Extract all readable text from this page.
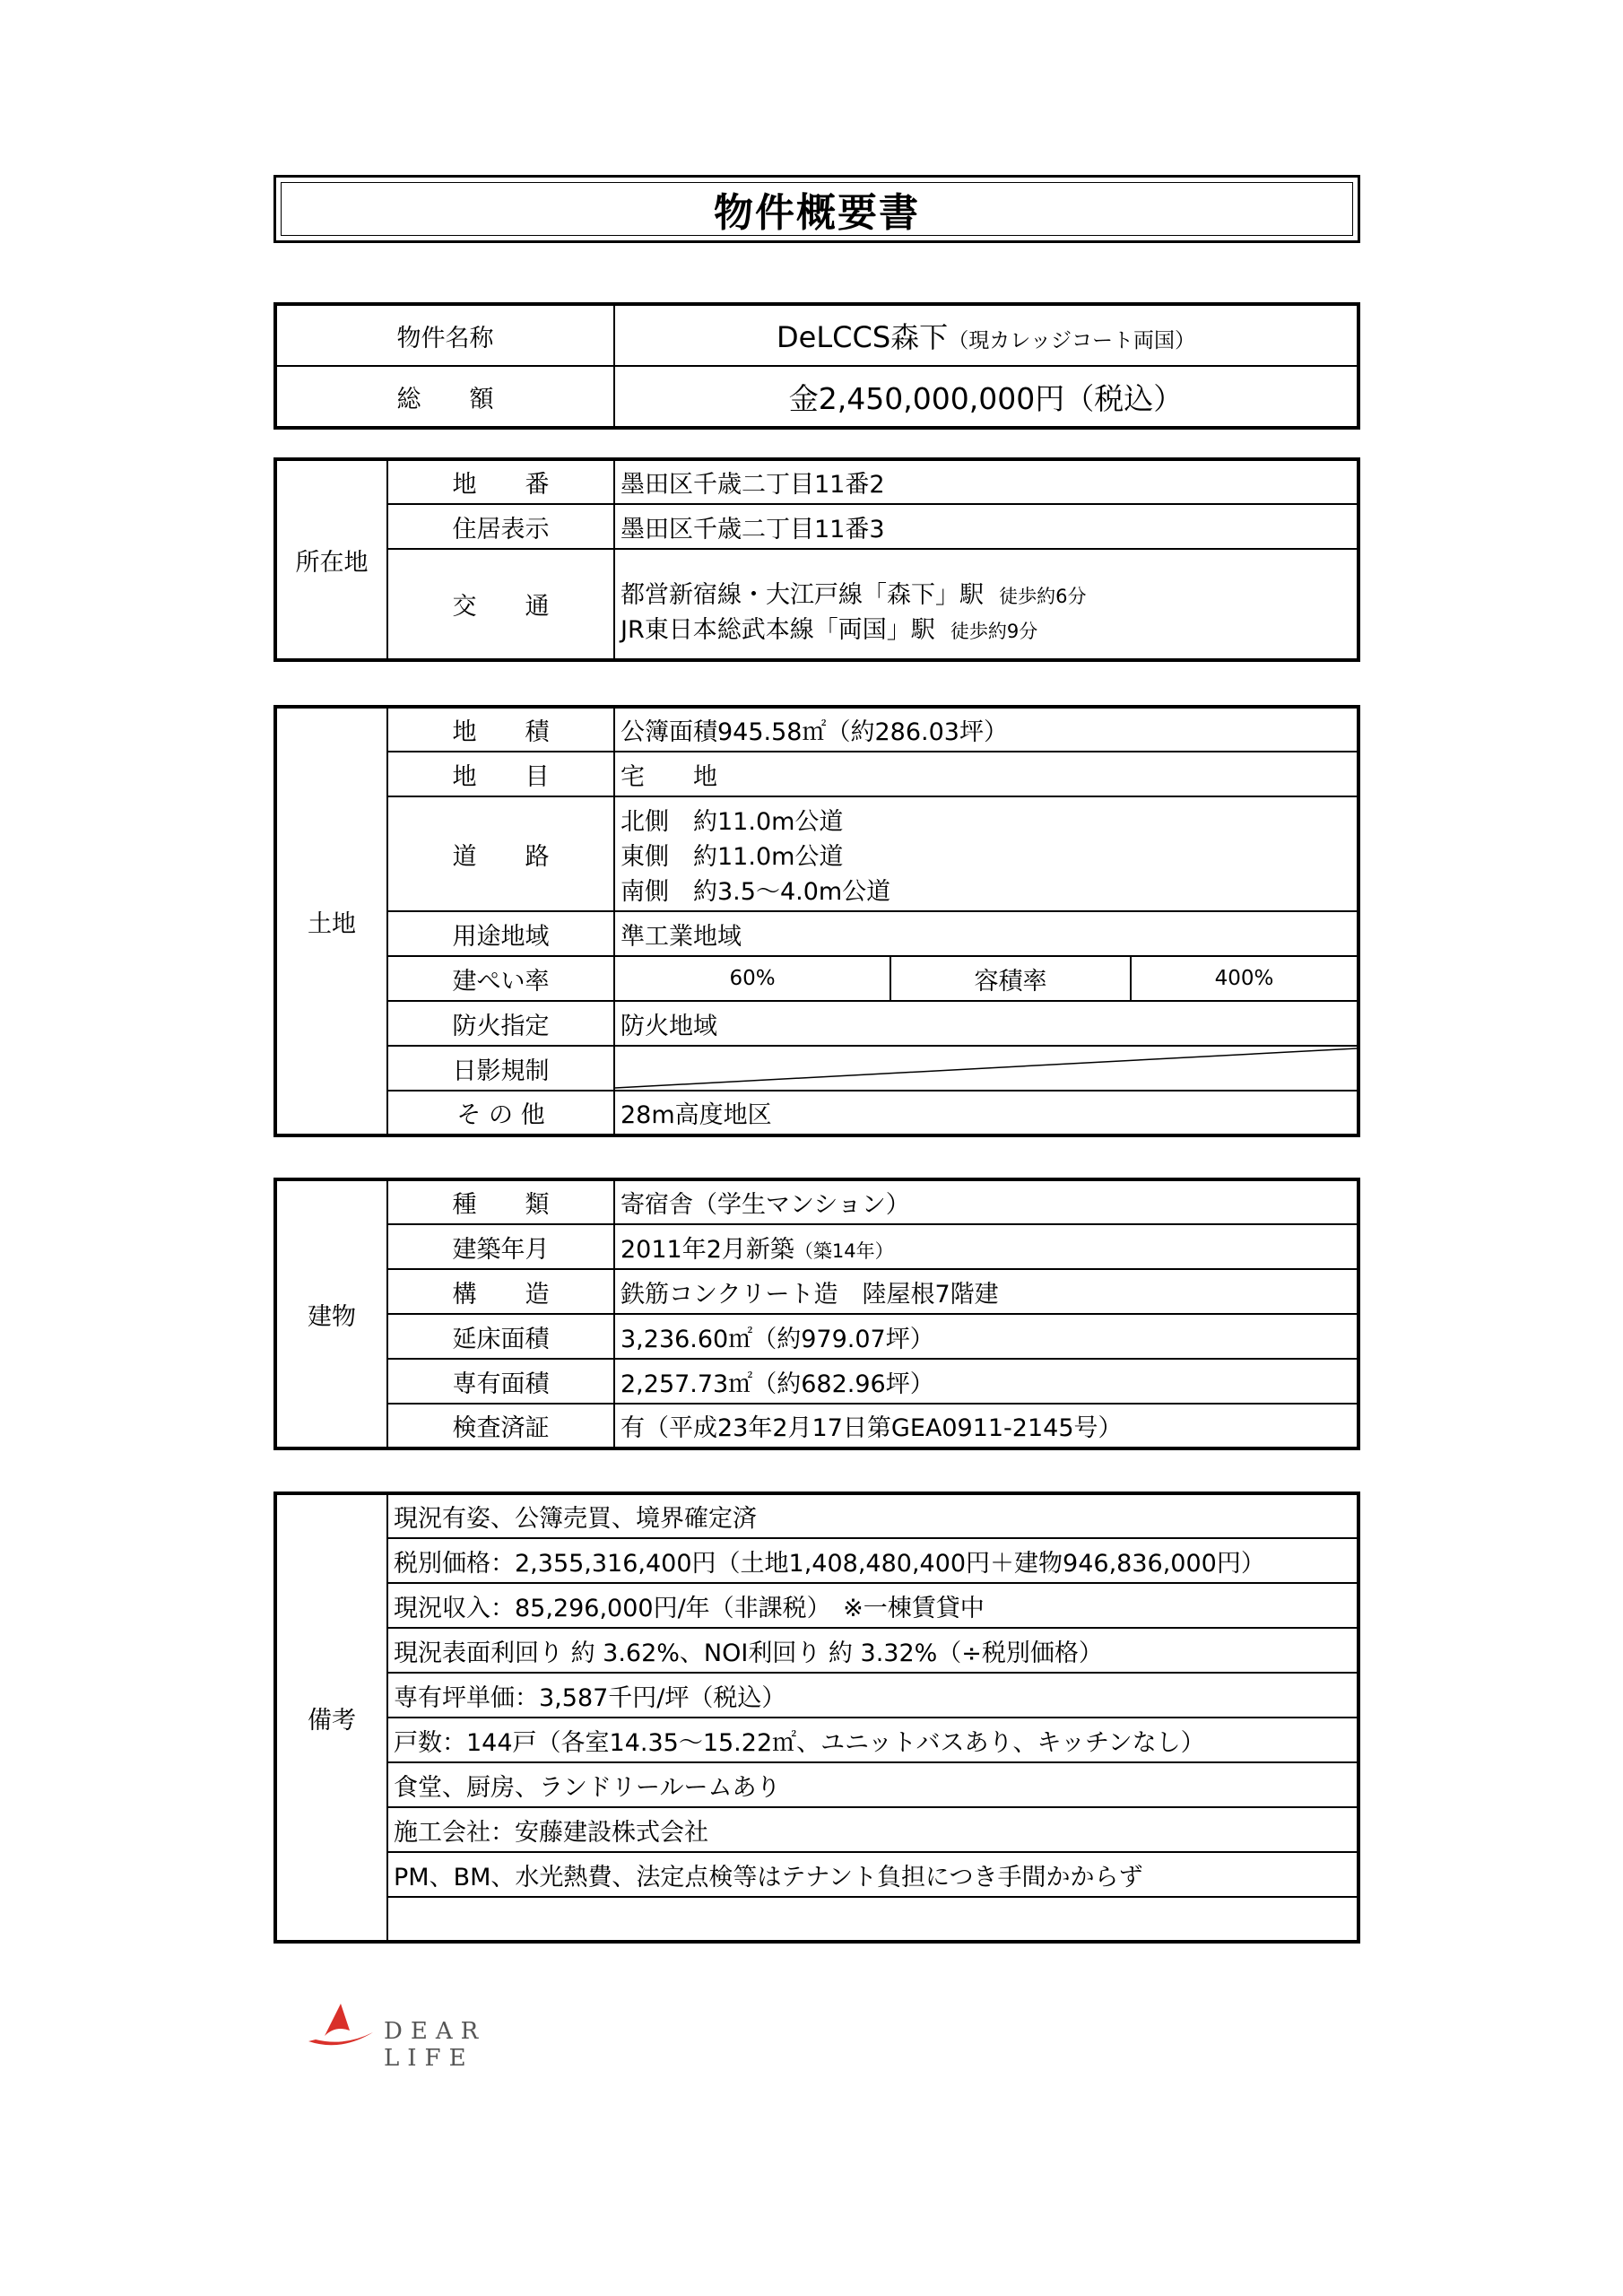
物件概要書
物件名称	DeLCCS森下（現カレッジコート両国）
総　　額	金2,450,000,000円（税込）
所在地	地　　番	墨田区千歳二丁目11番2
	住居表示	墨田区千歳二丁目11番3
	交　　通	都営新宿線・大江戸線「森下」駅 徒歩約6分
JR東日本総武本線「両国」駅 徒歩約9分
土地	地　　積	公簿面積945.58㎡（約286.03坪）		
	地　　目	宅　　地		
	道　　路	北側　約11.0m公道
東側　約11.0m公道
南側　約3.5～4.0m公道		

	用途地域	準工業地域		
	建ぺい率	60%	容積率	400%
	防火指定	防火地域		
	日影規制	

	そ の 他	28m高度地区		
建物	種　　類	寄宿舎（学生マンション）
	建築年月	2011年2月新築（築14年）
	構　　造	鉄筋コンクリート造　陸屋根7階建
	延床面積	3,236.60㎡（約979.07坪）
	専有面積	2,257.73㎡（約682.96坪）
	検査済証	有（平成23年2月17日第GEA0911-2145号）
備考	現況有姿、公簿売買、境界確定済
税別価格：2,355,316,400円（土地1,408,480,400円＋建物946,836,000円）
現況収入：85,296,000円/年（非課税）　※一棟賃貸中
現況表面利回り 約 3.62%、NOI利回り 約 3.32%（÷税別価格）
専有坪単価：3,587千円/坪（税込）
戸数：144戸（各室14.35～15.22㎡、ユニットバスあり、キッチンなし）
食堂、厨房、ランドリールームあり
施工会社：安藤建設株式会社
PM、BM、水光熱費、法定点検等はテナント負担につき手間かからず

DEAR LIFE
